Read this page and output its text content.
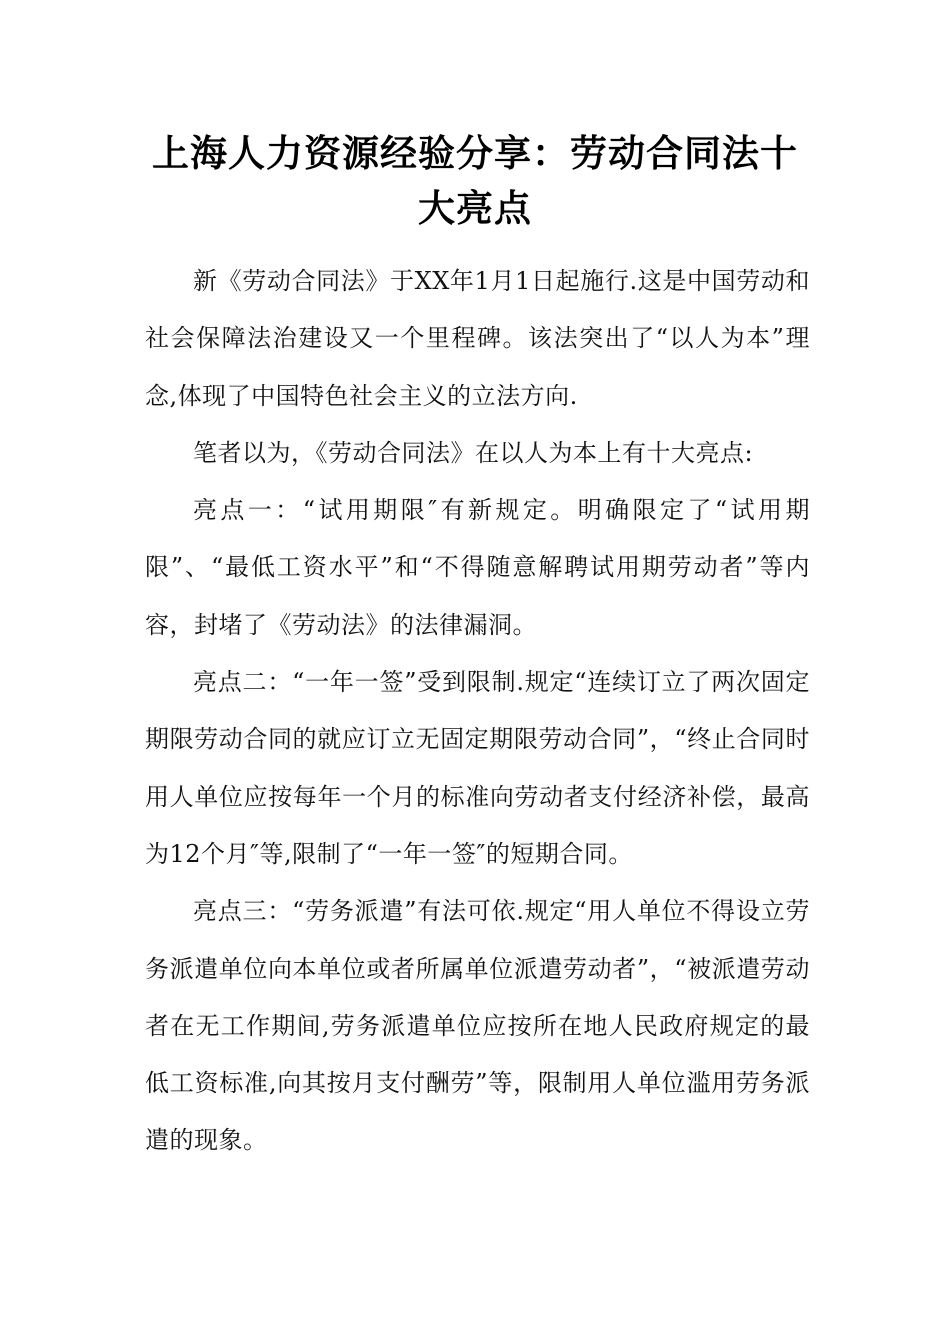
上海人力资源经验分享：劳动合同法十大亮点

新《劳动合同法》于XX年1月1日起施行.这是中国劳动和社会保障法治建设又一个里程碑。该法突出了“以人为本”理念,体现了中国特色社会主义的立法方向.

笔者以为，《劳动合同法》在以人为本上有十大亮点:

亮点一：“试用期限″有新规定。明确限定了“试用期限”、“最低工资水平”和“不得随意解聘试用期劳动者”等内容，封堵了《劳动法》的法律漏洞。

亮点二：“一年一签”受到限制.规定“连续订立了两次固定期限劳动合同的就应订立无固定期限劳动合同”，“终止合同时用人单位应按每年一个月的标准向劳动者支付经济补偿，最高为12个月″等,限制了“一年一签″的短期合同。

亮点三：“劳务派遣”有法可依.规定“用人单位不得设立劳务派遣单位向本单位或者所属单位派遣劳动者”，“被派遣劳动者在无工作期间,劳务派遣单位应按所在地人民政府规定的最低工资标准,向其按月支付酬劳”等，限制用人单位滥用劳务派遣的现象。
